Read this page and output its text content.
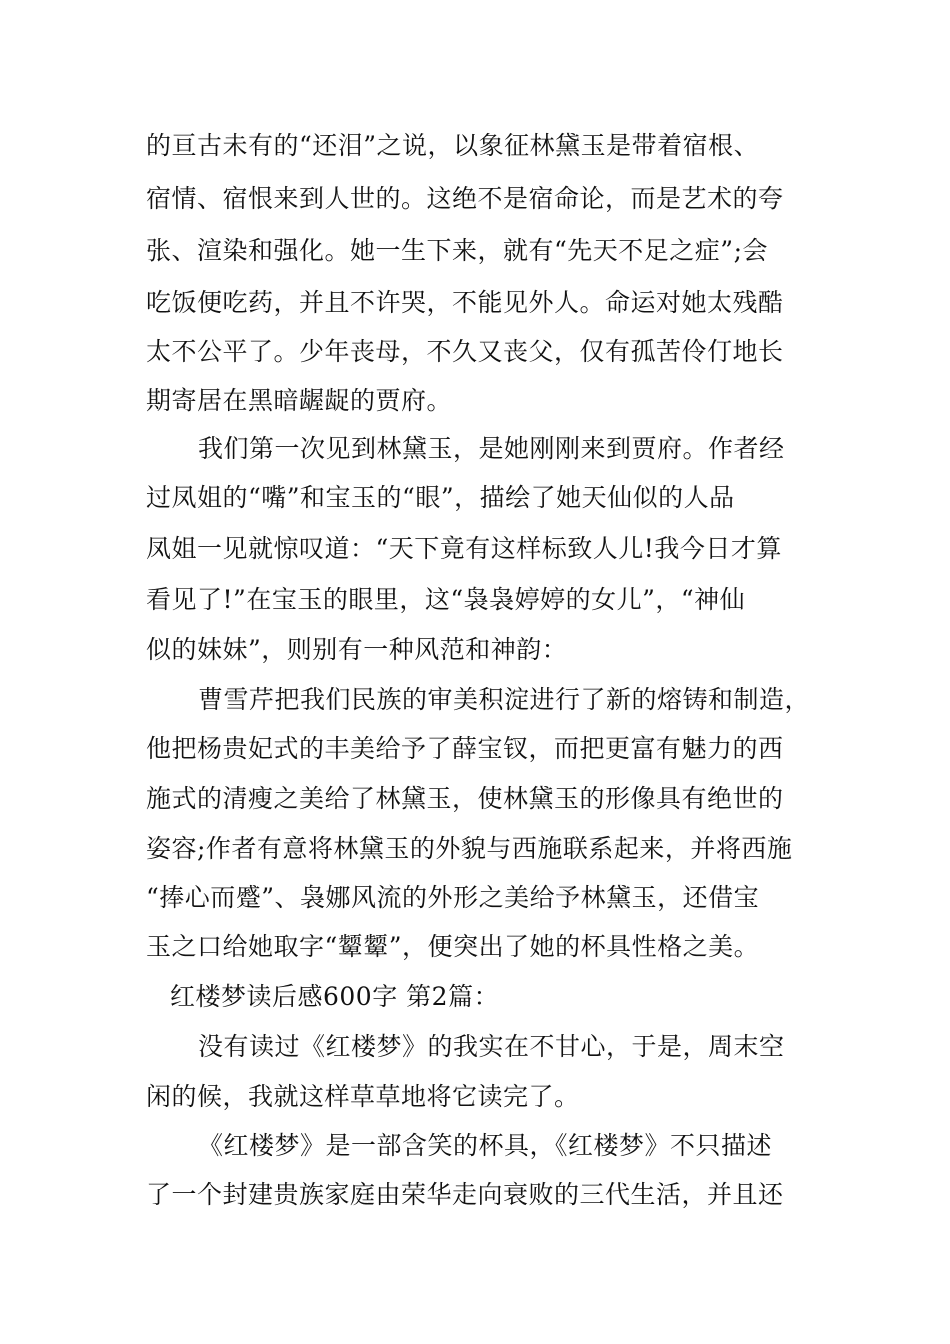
的亘古未有的“还泪”之说，以象征林黛玉是带着宿根、
宿情、宿恨来到人世的。这绝不是宿命论，而是艺术的夸
张、渲染和强化。她一生下来，就有“先天不足之症”;会
吃饭便吃药，并且不许哭，不能见外人。命运对她太残酷
太不公平了。少年丧母，不久又丧父，仅有孤苦伶仃地长
期寄居在黑暗龌龊的贾府。
我们第一次见到林黛玉，是她刚刚来到贾府。作者经
过凤姐的“嘴”和宝玉的“眼”，描绘了她天仙似的人品
凤姐一见就惊叹道：“天下竟有这样标致人儿!我今日才算
看见了!”在宝玉的眼里，这“袅袅婷婷的女儿”，“神仙
似的妹妹”，则别有一种风范和神韵：
曹雪芹把我们民族的审美积淀进行了新的熔铸和制造，
他把杨贵妃式的丰美给予了薛宝钗，而把更富有魅力的西
施式的清瘦之美给了林黛玉，使林黛玉的形像具有绝世的
姿容;作者有意将林黛玉的外貌与西施联系起来，并将西施
“捧心而蹙”、袅娜风流的外形之美给予林黛玉，还借宝
玉之口给她取字“颦颦”，便突出了她的杯具性格之美。
红楼梦读后感600字 第2篇：
没有读过《红楼梦》的我实在不甘心，于是，周末空
闲的候，我就这样草草地将它读完了。
《红楼梦》是一部含笑的杯具，《红楼梦》不只描述
了一个封建贵族家庭由荣华走向衰败的三代生活，并且还
